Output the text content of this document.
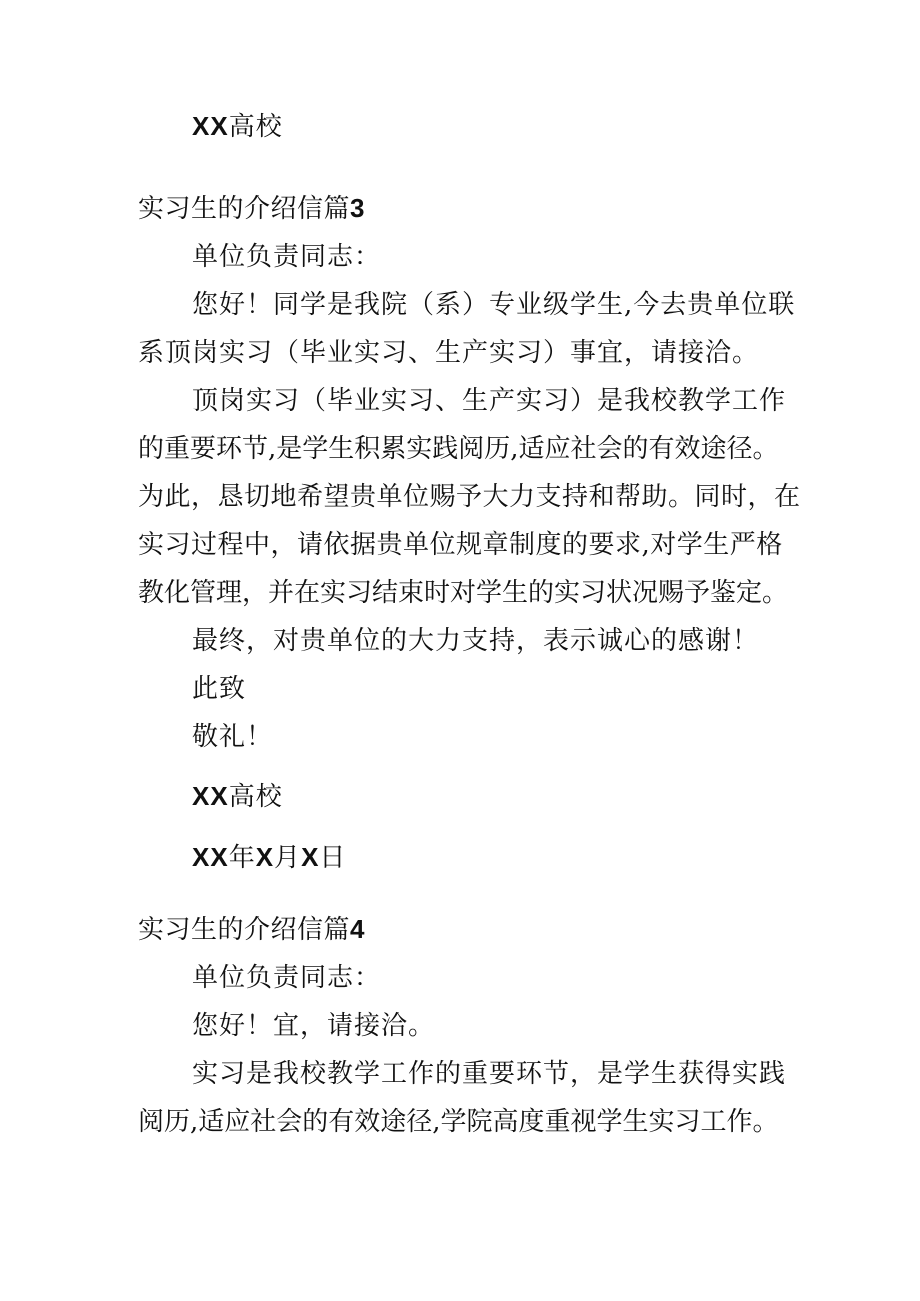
XX高校
实习生的介绍信篇3
单位负责同志：
您好！同学是我院（系）专业级学生,今去贵单位联
系顶岗实习（毕业实习、生产实习）事宜，请接洽。
顶岗实习（毕业实习、生产实习）是我校教学工作
的重要环节,是学生积累实践阅历,适应社会的有效途径。
为此，恳切地希望贵单位赐予大力支持和帮助。同时，在
实习过程中，请依据贵单位规章制度的要求,对学生严格
教化管理，并在实习结束时对学生的实习状况赐予鉴定。
最终，对贵单位的大力支持，表示诚心的感谢！
此致
敬礼！
XX高校
XX年X月X日
实习生的介绍信篇4
单位负责同志：
您好！宜，请接洽。
实习是我校教学工作的重要环节，是学生获得实践
阅历,适应社会的有效途径,学院高度重视学生实习工作。
